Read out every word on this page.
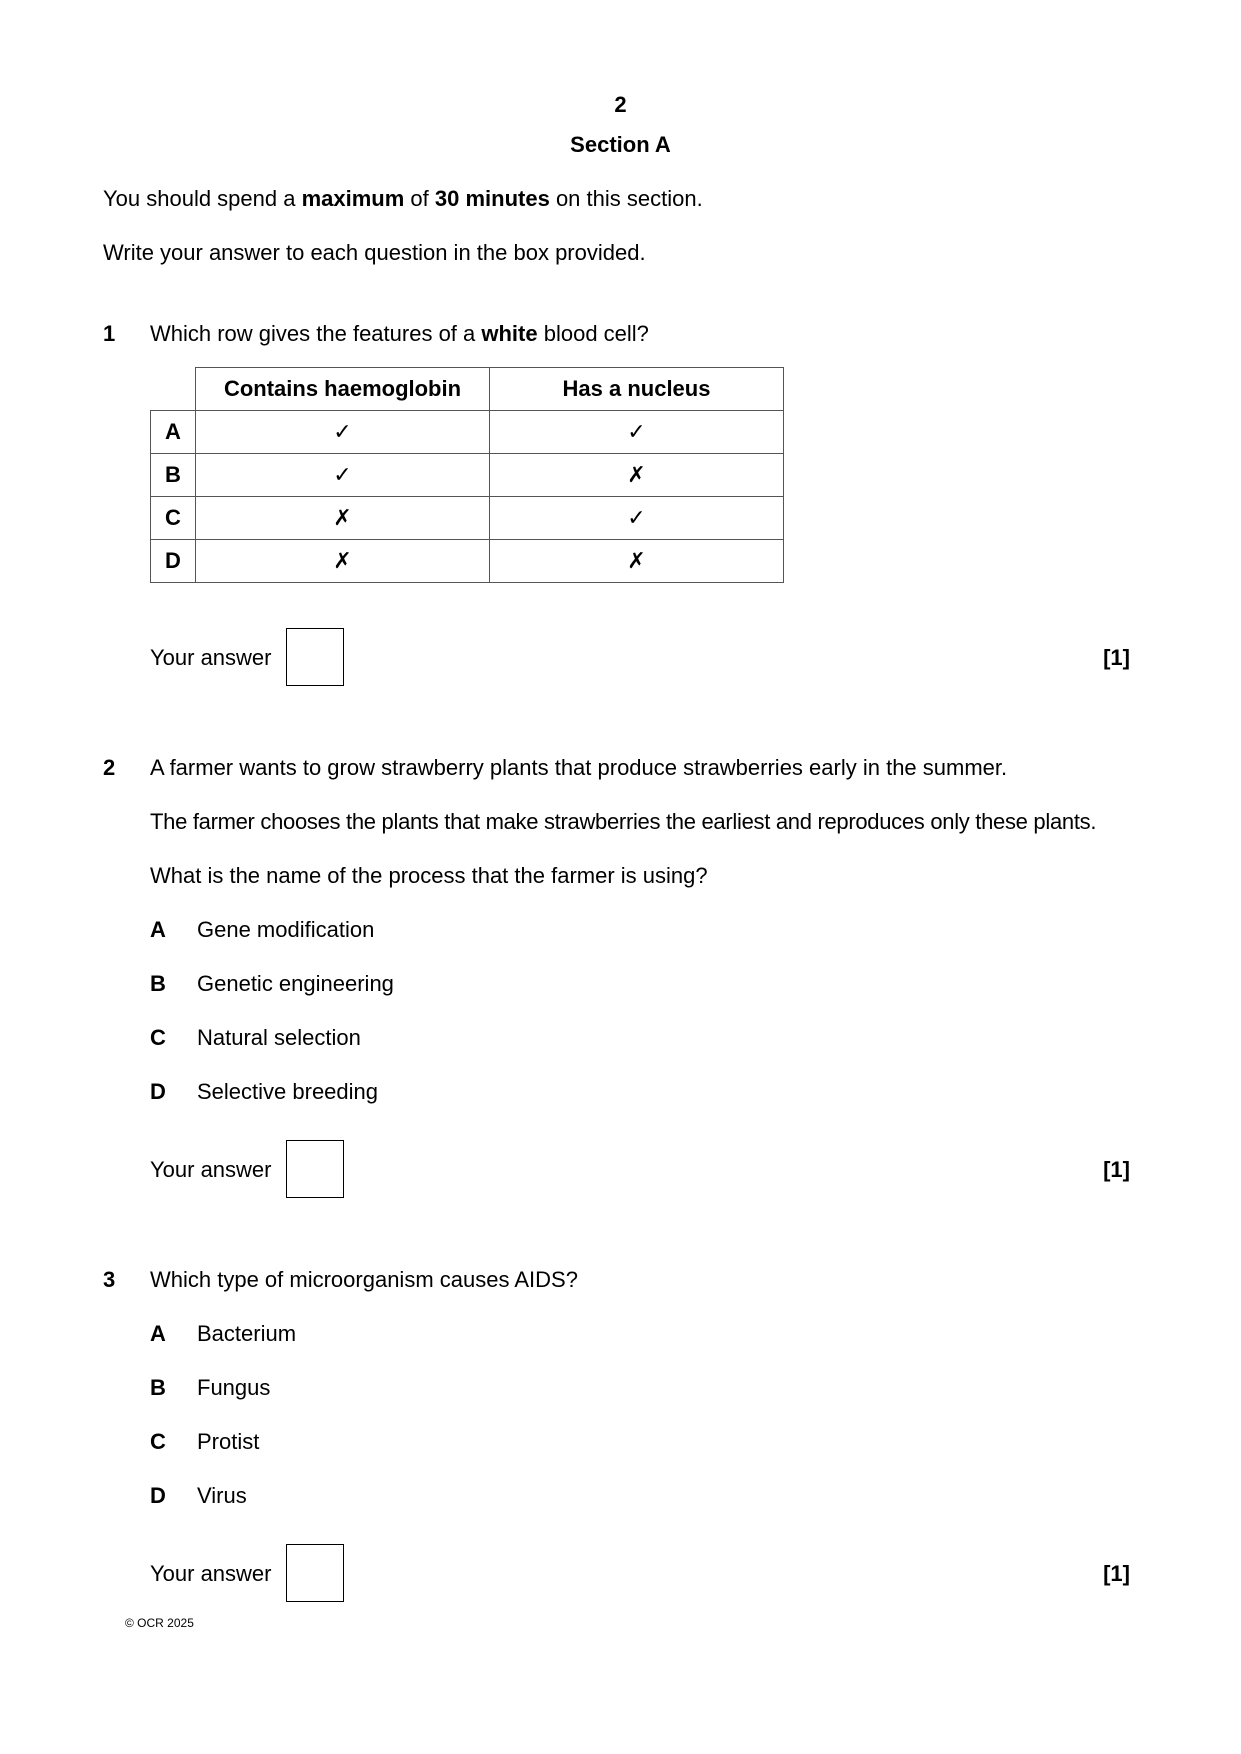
2
Section A
You should spend a maximum of 30 minutes on this section.
Write your answer to each question in the box provided.
1 Which row gives the features of a white blood cell?
	Contains haemoglobin	Has a nucleus
A	✓	✓
B	✓	✗
C	✗	✓
D	✗	✗
Your answer	[1]
2 A farmer wants to grow strawberry plants that produce strawberries early in the summer.
The farmer chooses the plants that make strawberries the earliest and reproduces only these plants.
What is the name of the process that the farmer is using?
A Gene modification
B Genetic engineering
C Natural selection
D Selective breeding
Your answer	[1]
3 Which type of microorganism causes AIDS?
A Bacterium
B Fungus
C Protist
D Virus
Your answer	[1]
© OCR 2025
